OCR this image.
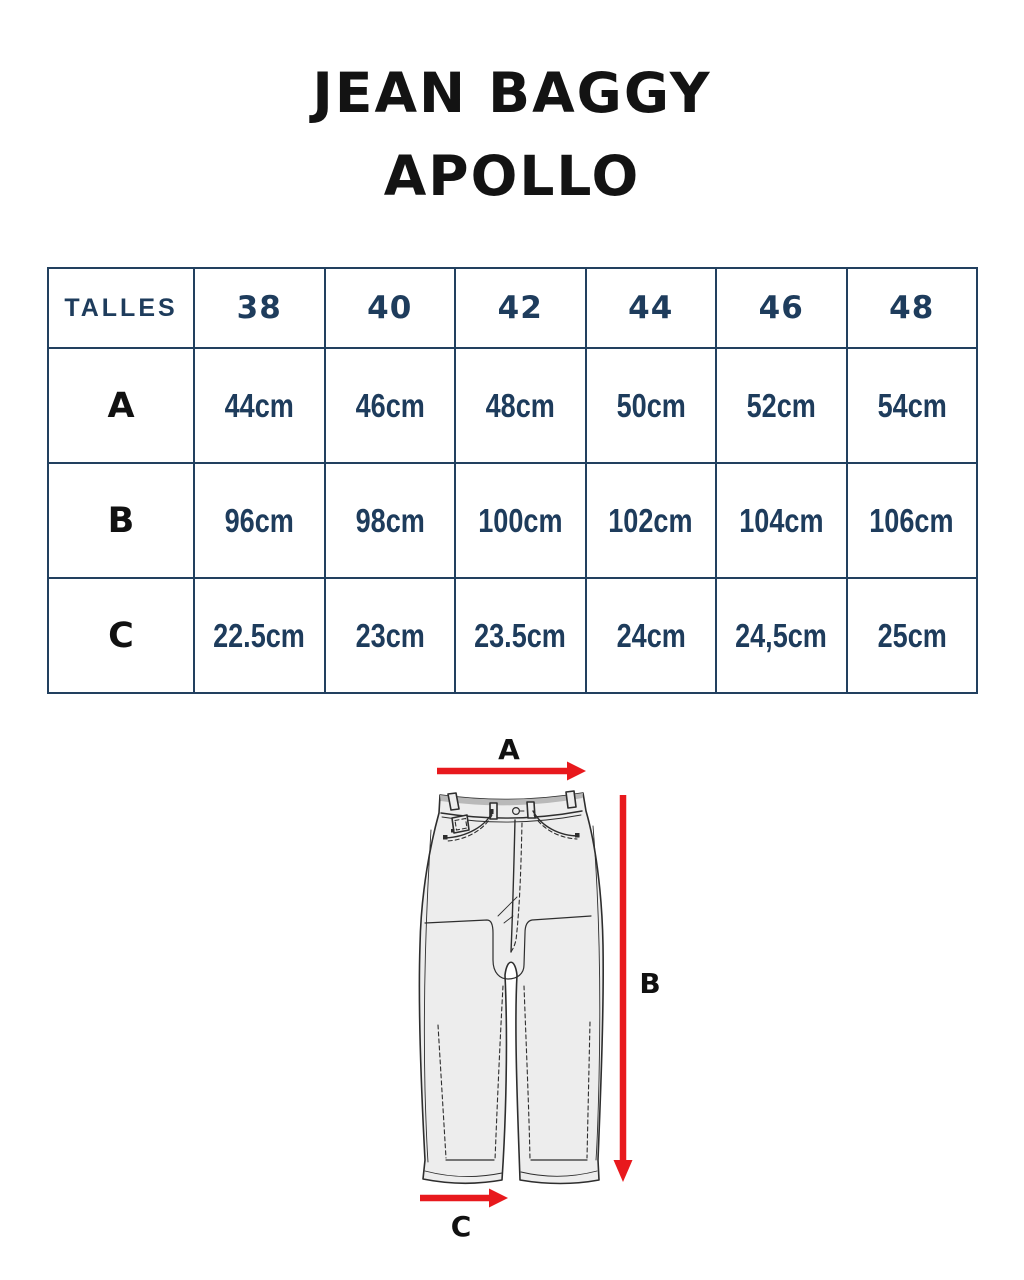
JEAN BAGGY
APOLLO
TALLES	38	40	42	44	46	48
A	44cm	46cm	48cm	50cm	52cm	54cm
B	96cm	98cm	100cm	102cm	104cm	106cm
C	22.5cm	23cm	23.5cm	24cm	24,5cm	25cm
A
B
C
